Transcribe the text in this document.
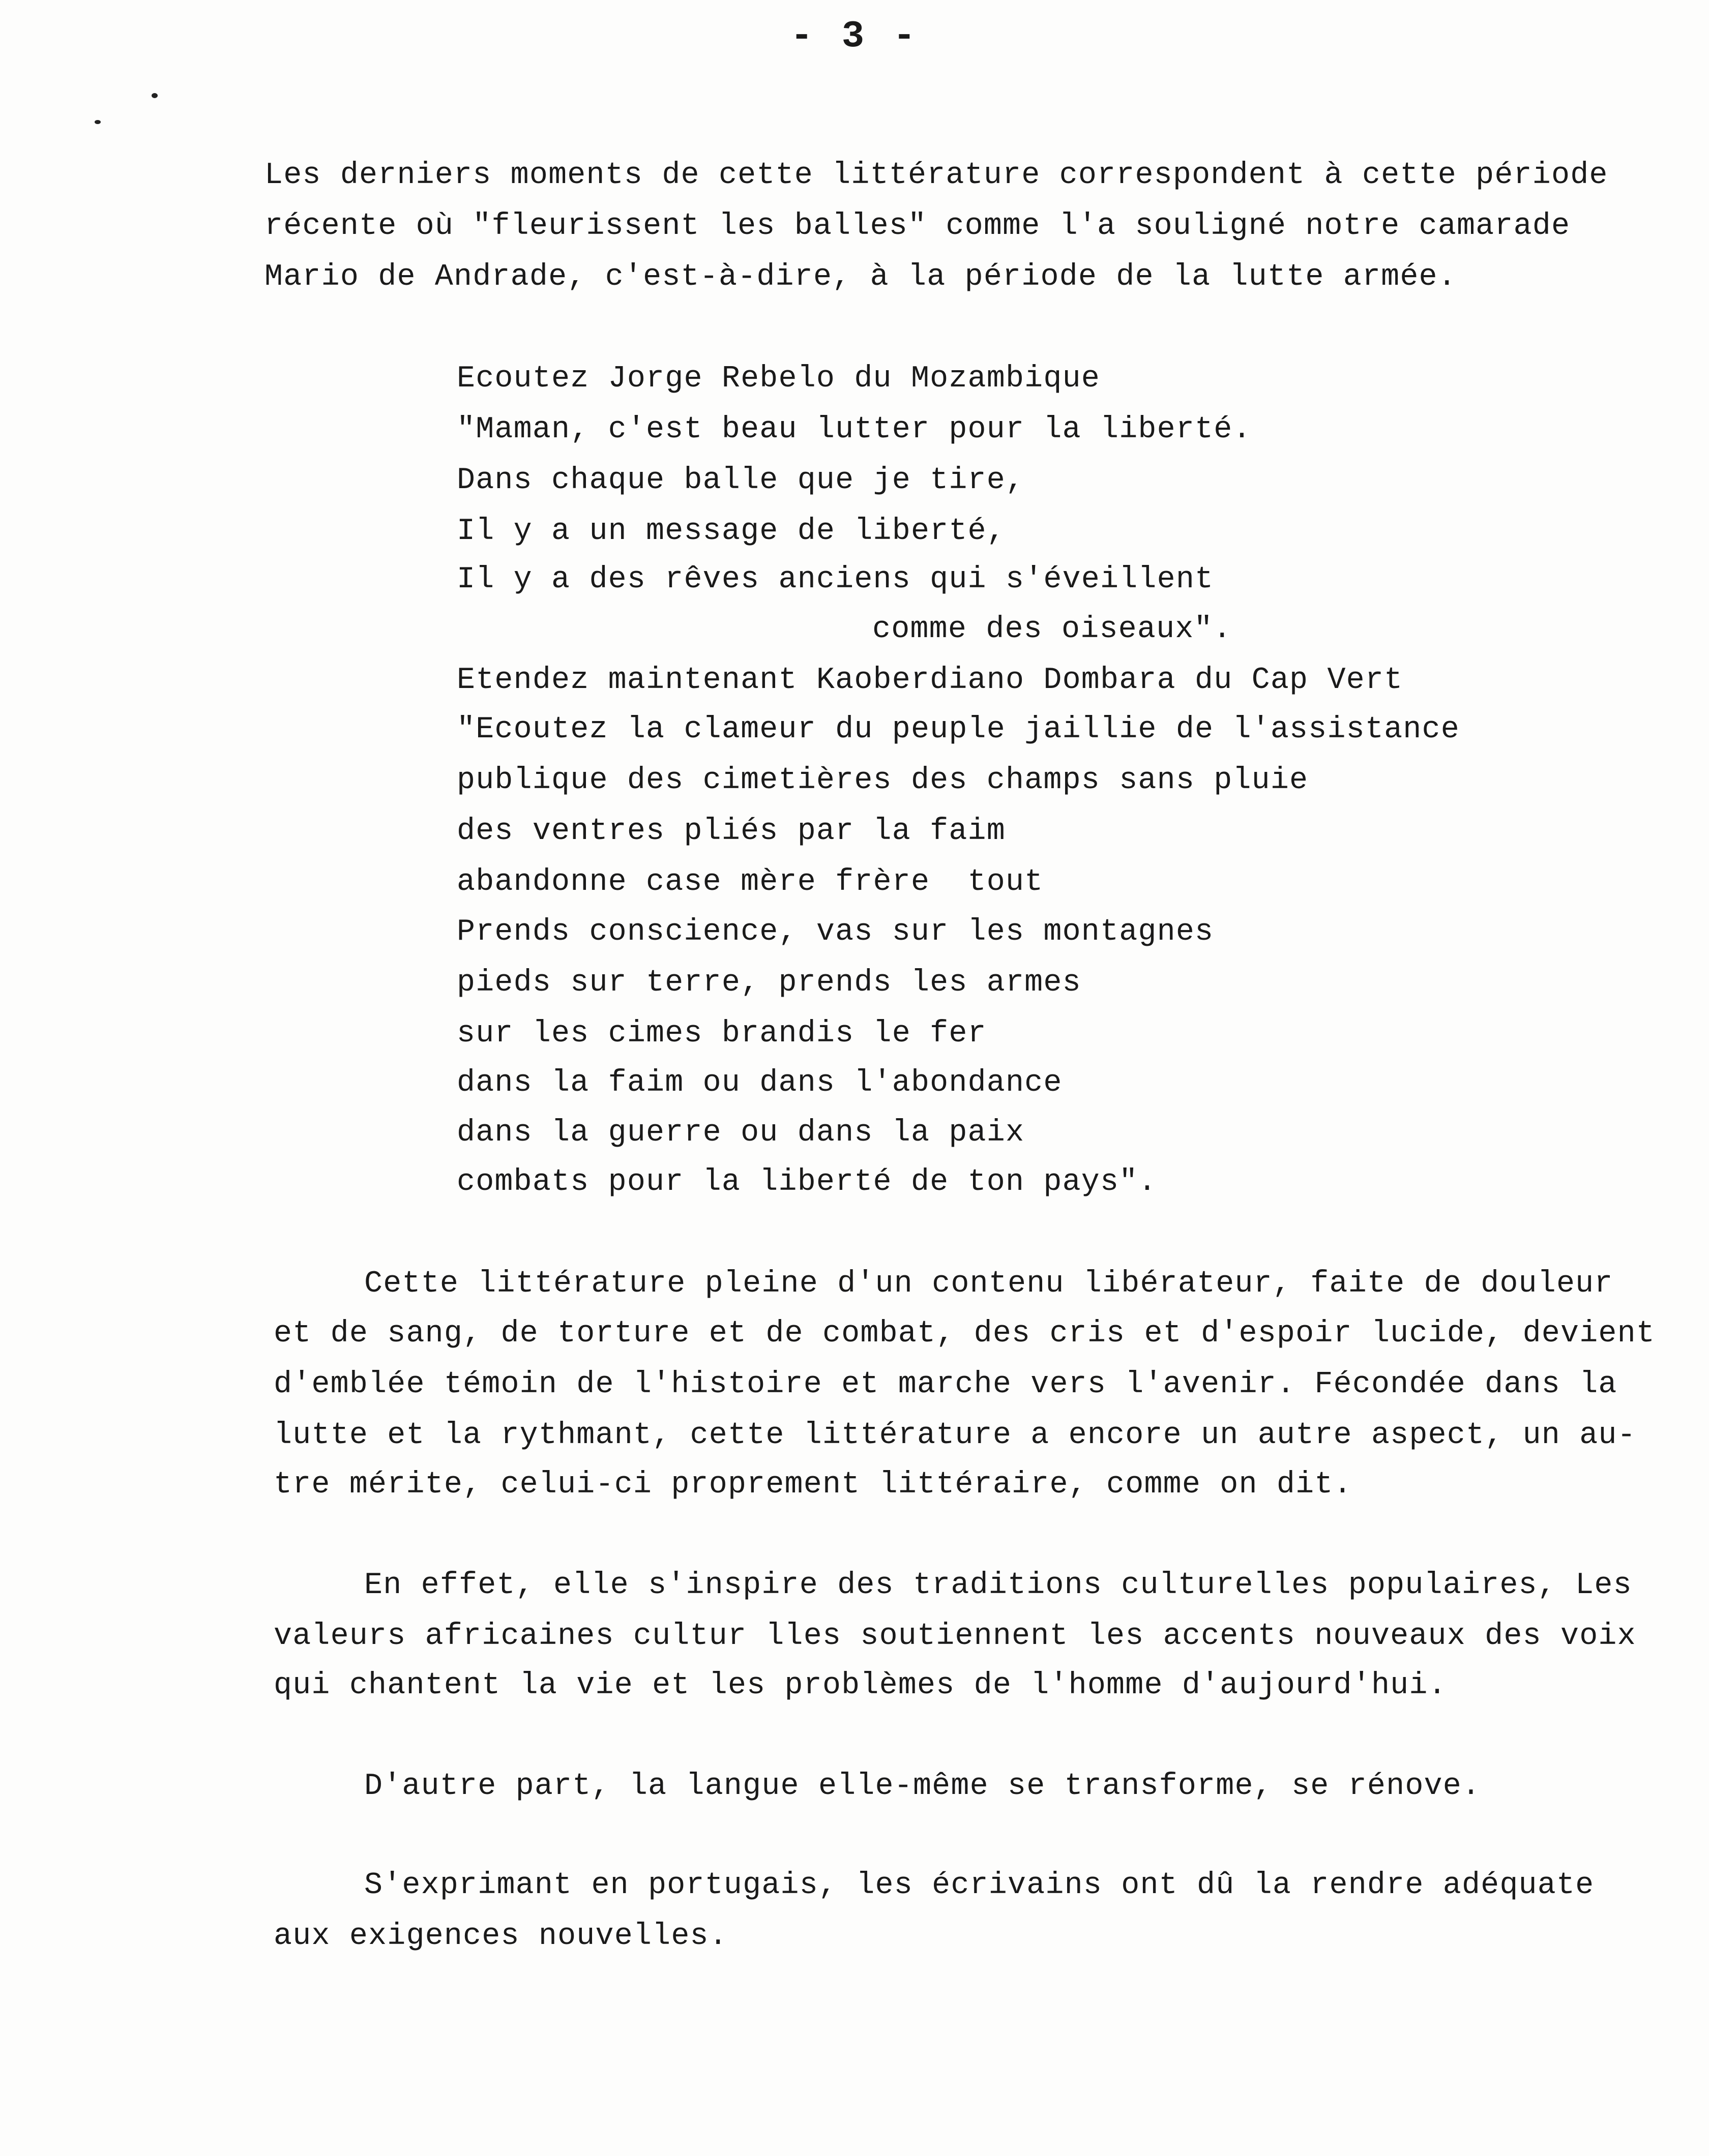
- 3 -
Les derniers moments de cette littérature correspondent à cette période
récente où "fleurissent les balles" comme l'a souligné notre camarade
Mario de Andrade, c'est-à-dire, à la période de la lutte armée.
Ecoutez Jorge Rebelo du Mozambique
"Maman, c'est beau lutter pour la liberté.
Dans chaque balle que je tire,
Il y a un message de liberté,
Il y a des rêves anciens qui s'éveillent
comme des oiseaux".
Etendez maintenant Kaoberdiano Dombara du Cap Vert
"Ecoutez la clameur du peuple jaillie de l'assistance
publique des cimetières des champs sans pluie
des ventres pliés par la faim
abandonne case mère frère  tout
Prends conscience, vas sur les montagnes
pieds sur terre, prends les armes
sur les cimes brandis le fer
dans la faim ou dans l'abondance
dans la guerre ou dans la paix
combats pour la liberté de ton pays".
Cette littérature pleine d'un contenu libérateur, faite de douleur
et de sang, de torture et de combat, des cris et d'espoir lucide, devient
d'emblée témoin de l'histoire et marche vers l'avenir. Fécondée dans la
lutte et la rythmant, cette littérature a encore un autre aspect, un au-
tre mérite, celui-ci proprement littéraire, comme on dit.
En effet, elle s'inspire des traditions culturelles populaires, Les
valeurs africaines cultur lles soutiennent les accents nouveaux des voix
qui chantent la vie et les problèmes de l'homme d'aujourd'hui.
D'autre part, la langue elle-même se transforme, se rénove.
S'exprimant en portugais, les écrivains ont dû la rendre adéquate
aux exigences nouvelles.
